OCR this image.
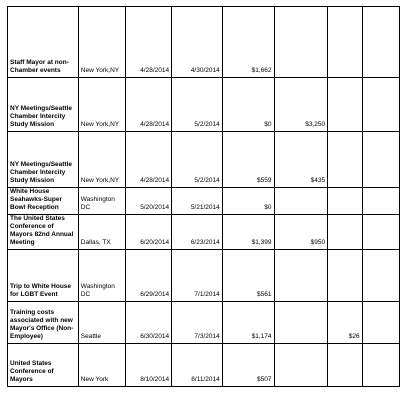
Staff Mayor at non-Chamber events	New York,NY	4/28/2014	4/30/2014	$1,662			
NY Meetings/Seattle Chamber Intercity Study Mission	New York,NY	4/28/2014	5/2/2014	$0	$3,250		
NY Meetings/Seattle Chamber Intercity Study Mission	New York,NY	4/28/2014	5/2/2014	$559	$435		
White House Seahawks-Super Bowl Reception	Washington DC	5/20/2014	5/21/2014	$0			
The United States Conference of Mayors 82nd Annual Meeting	Dallas, TX	6/20/2014	6/23/2014	$1,399	$950		
Trip to White House for LGBT Event	Washington DC	6/29/2014	7/1/2014	$561			
Training costs associated with new Mayor's Office (Non-Employee)	Seattle	6/30/2014	7/3/2014	$1,174		$26	
United States Conference of Mayors	New York	8/10/2014	8/11/2014	$507			
